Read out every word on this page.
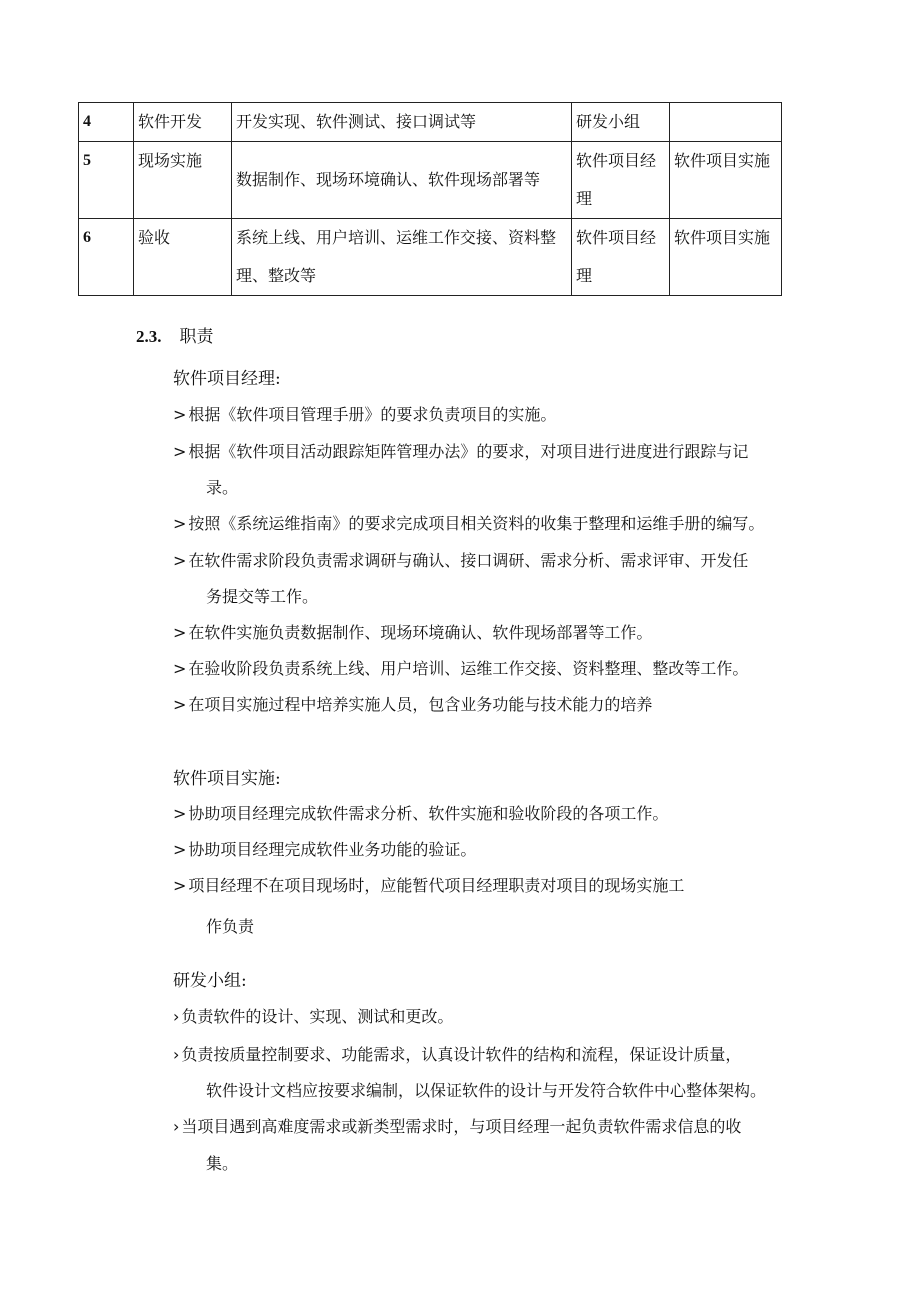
4	软件开发	开发实现、软件测试、接口调试等	研发小组	
5	现场实施	数据制作、现场环境确认、软件现场部署等	软件项目经理	软件项目实施
6	验收	系统上线、用户培训、运维工作交接、资料整理、整改等	软件项目经理	软件项目实施
2.3. 职责
软件项目经理:
> 根据《软件项目管理手册》的要求负责项目的实施。
> 根据《软件项目活动跟踪矩阵管理办法》的要求，对项目进行进度进行跟踪与记
录。
> 按照《系统运维指南》的要求完成项目相关资料的收集于整理和运维手册的编写。
> 在软件需求阶段负责需求调研与确认、接口调研、需求分析、需求评审、开发任
务提交等工作。
> 在软件实施负责数据制作、现场环境确认、软件现场部署等工作。
> 在验收阶段负责系统上线、用户培训、运维工作交接、资料整理、整改等工作。
> 在项目实施过程中培养实施人员，包含业务功能与技术能力的培养
软件项目实施:
> 协助项目经理完成软件需求分析、软件实施和验收阶段的各项工作。
> 协助项目经理完成软件业务功能的验证。
> 项目经理不在项目现场时，应能暂代项目经理职责对项目的现场实施工
作负责
研发小组:
› 负责软件的设计、实现、测试和更改。
› 负责按质量控制要求、功能需求，认真设计软件的结构和流程，保证设计质量，
软件设计文档应按要求编制，以保证软件的设计与开发符合软件中心整体架构。
› 当项目遇到高难度需求或新类型需求时，与项目经理一起负责软件需求信息的收
集。
